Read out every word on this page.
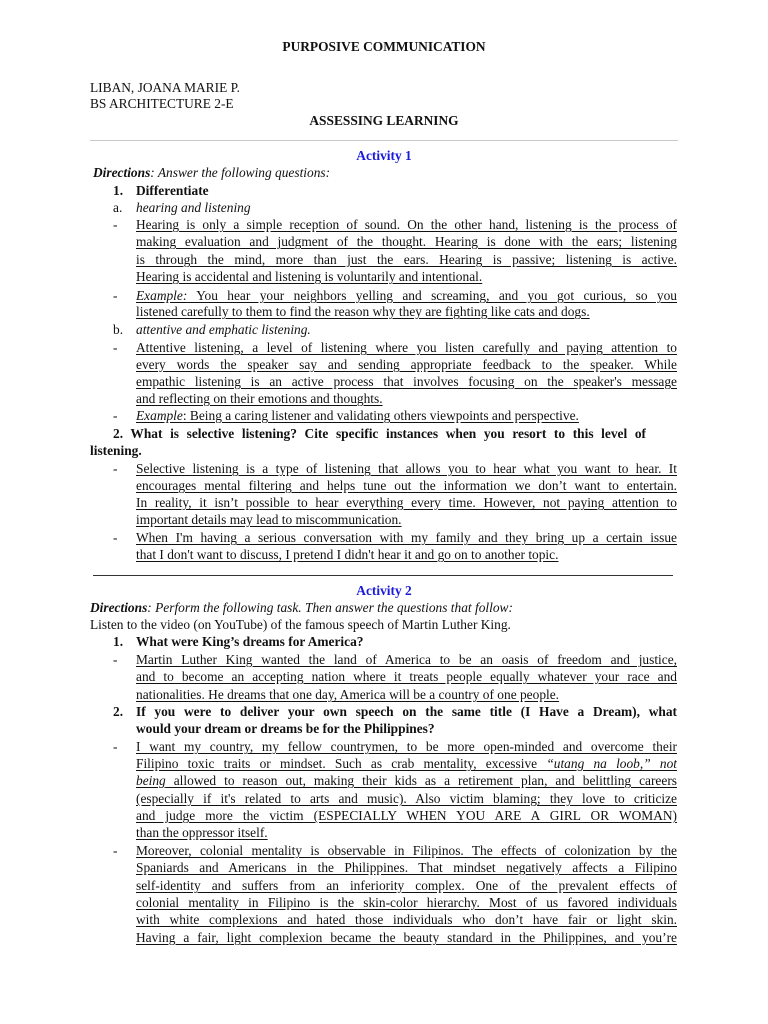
PURPOSIVE COMMUNICATION
LIBAN, JOANA MARIE P.
BS ARCHITECTURE 2-E
ASSESSING LEARNING
Activity 1
Directions: Answer the following questions:
1. Differentiate
a. hearing and listening
- Hearing is only a simple reception of sound. On the other hand, listening is the process of
making evaluation and judgment of the thought. Hearing is done with the ears; listening
is through the mind, more than just the ears. Hearing is passive; listening is active.
Hearing is accidental and listening is voluntarily and intentional.
- Example: You hear your neighbors yelling and screaming, and you got curious, so you
listened carefully to them to find the reason why they are fighting like cats and dogs.
b. attentive and emphatic listening.
- Attentive listening, a level of listening where you listen carefully and paying attention to
every words the speaker say and sending appropriate feedback to the speaker. While
empathic listening is an active process that involves focusing on the speaker's message
and reflecting on their emotions and thoughts.
- Example: Being a caring listener and validating others viewpoints and perspective.
2. What is selective listening? Cite specific instances when you resort to this level of
listening.
- Selective listening is a type of listening that allows you to hear what you want to hear. It
encourages mental filtering and helps tune out the information we don’t want to entertain.
In reality, it isn’t possible to hear everything every time. However, not paying attention to
important details may lead to miscommunication.
- When I'm having a serious conversation with my family and they bring up a certain issue
that I don't want to discuss, I pretend I didn't hear it and go on to another topic.
Activity 2
Directions: Perform the following task. Then answer the questions that follow:
Listen to the video (on YouTube) of the famous speech of Martin Luther King.
1. What were King’s dreams for America?
- Martin Luther King wanted the land of America to be an oasis of freedom and justice,
and to become an accepting nation where it treats people equally whatever your race and
nationalities. He dreams that one day, America will be a country of one people.
2. If you were to deliver your own speech on the same title (I Have a Dream), what
would your dream or dreams be for the Philippines?
- I want my country, my fellow countrymen, to be more open-minded and overcome their
Filipino toxic traits or mindset. Such as crab mentality, excessive “utang na loob,” not
being allowed to reason out, making their kids as a retirement plan, and belittling careers
(especially if it's related to arts and music). Also victim blaming; they love to criticize
and judge more the victim (ESPECIALLY WHEN YOU ARE A GIRL OR WOMAN)
than the oppressor itself.
- Moreover, colonial mentality is observable in Filipinos. The effects of colonization by the
Spaniards and Americans in the Philippines. That mindset negatively affects a Filipino
self-identity and suffers from an inferiority complex. One of the prevalent effects of
colonial mentality in Filipino is the skin-color hierarchy. Most of us favored individuals
with white complexions and hated those individuals who don’t have fair or light skin.
Having a fair, light complexion became the beauty standard in the Philippines, and you’re
